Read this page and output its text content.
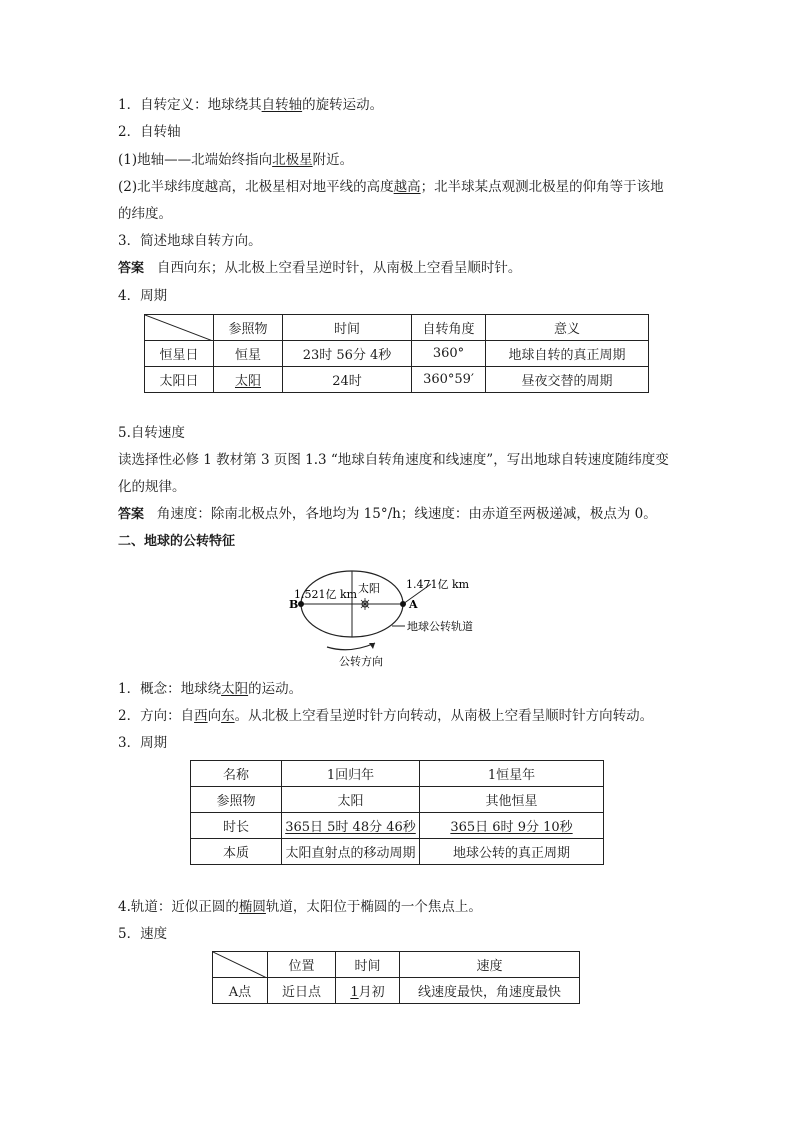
1．自转定义：地球绕其自转轴的旋转运动。
2．自转轴
(1)地轴——北端始终指向北极星附近。
(2)北半球纬度越高，北极星相对地平线的高度越高；北半球某点观测北极星的仰角等于该地
的纬度。
3．简述地球自转方向。
答案 自西向东；从北极上空看呈逆时针，从南极上空看呈顺时针。
4．周期
	参照物	时间	自转角度	意义
恒星日	恒星	23时 56分 4秒	360°	地球自转的真正周期
太阳日	太阳	24时	360°59′	昼夜交替的周期
5.自转速度
读选择性必修 1 教材第 3 页图 1.3 “地球自转角速度和线速度”，写出地球自转速度随纬度变
化的规律。
答案 角速度：除南北极点外，各地均为 15°/h；线速度：由赤道至两极递减，极点为 0。
二、地球的公转特征
1.521亿 km
1.471亿 km
太阳
B	A
地球公转轨道
公转方向
1．概念：地球绕太阳的运动。
2．方向：自西向东。从北极上空看呈逆时针方向转动，从南极上空看呈顺时针方向转动。
3．周期
名称	1回归年	1恒星年
参照物	太阳	其他恒星
时长	365日 5时 48分 46秒	365日 6时 9分 10秒
本质	太阳直射点的移动周期	地球公转的真正周期
4.轨道：近似正圆的椭圆轨道，太阳位于椭圆的一个焦点上。
5．速度
	位置	时间	速度
A点	近日点	1月初	线速度最快，角速度最快
